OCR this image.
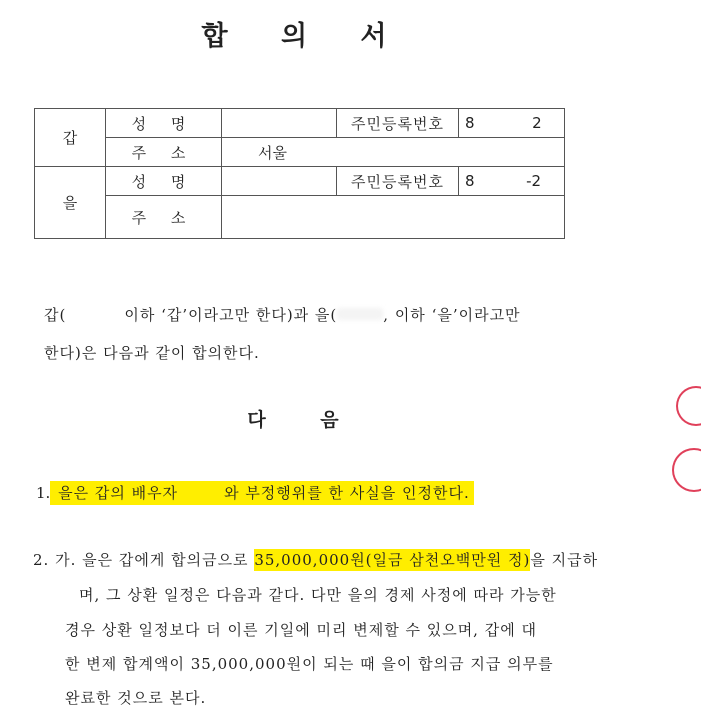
합 의 서
갑	성 명		주민등록번호	8 2
	주 소	서울		
을	성 명		주민등록번호	8 -2
	주 소			
갑(	이하 ‘갑’이라고만 한다)과 을(	, 이하 ‘을’이라고만
한다)은 다음과 같이 합의한다.
다 음
1. 을은 갑의 배우자	와 부정행위를 한 사실을 인정한다.
2. 가. 을은 갑에게 합의금으로 35,000,000원(일금 삼천오백만원 정)을 지급하
며, 그 상환 일정은 다음과 같다. 다만 을의 경제 사정에 따라 가능한
경우 상환 일정보다 더 이른 기일에 미리 변제할 수 있으며, 갑에 대
한 변제 합계액이 35,000,000원이 되는 때 을이 합의금 지급 의무를
완료한 것으로 본다.
